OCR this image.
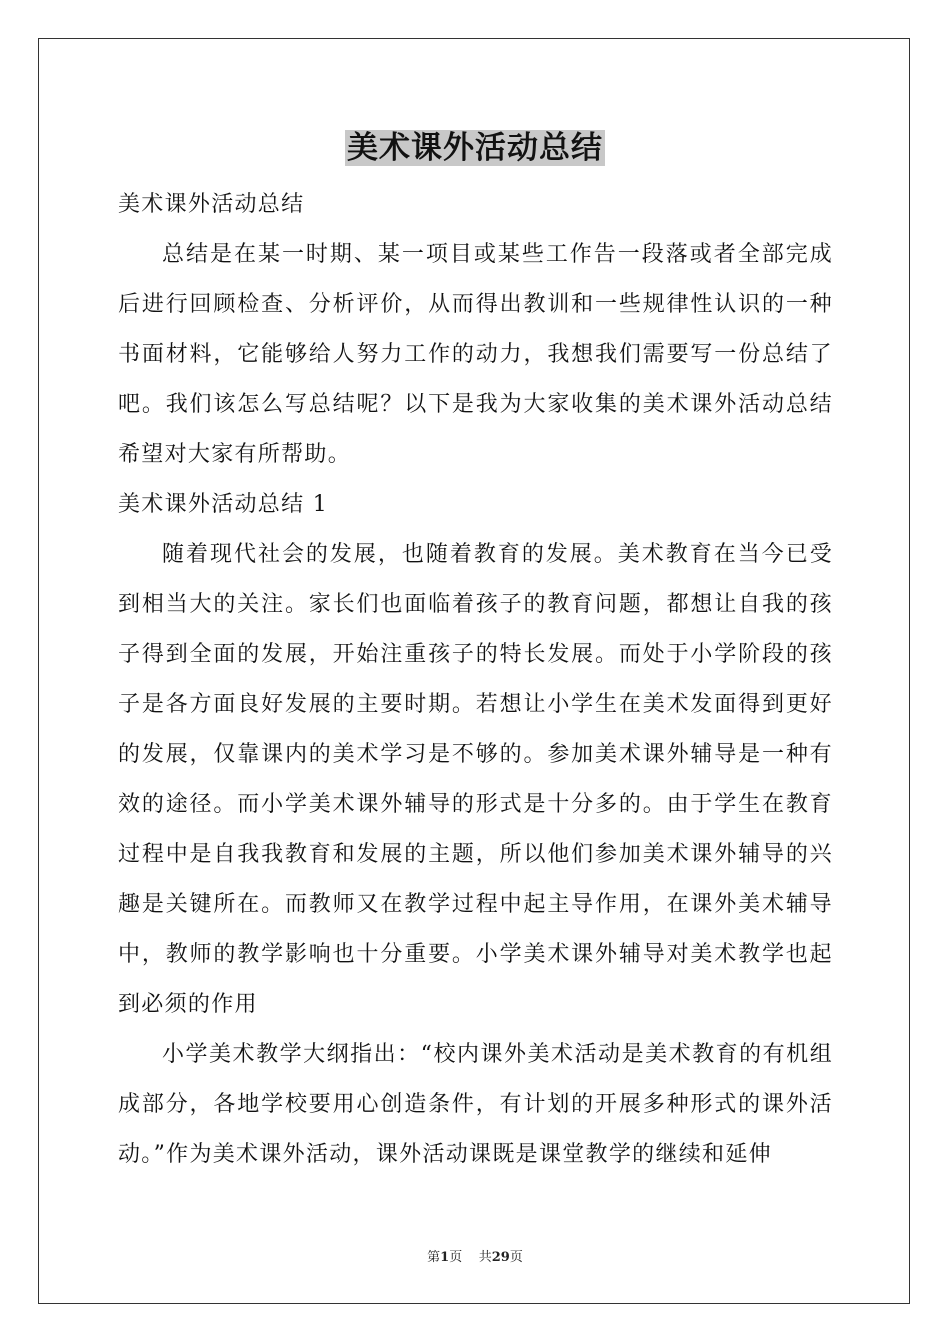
美术课外活动总结

美术课外活动总结

总结是在某一时期、某一项目或某些工作告一段落或者全部完成后进行回顾检查、分析评价，从而得出教训和一些规律性认识的一种书面材料，它能够给人努力工作的动力，我想我们需要写一份总结了吧。我们该怎么写总结呢？以下是我为大家收集的美术课外活动总结希望对大家有所帮助。

美术课外活动总结 1

随着现代社会的发展，也随着教育的发展。美术教育在当今已受到相当大的关注。家长们也面临着孩子的教育问题，都想让自我的孩子得到全面的发展，开始注重孩子的特长发展。而处于小学阶段的孩子是各方面良好发展的主要时期。若想让小学生在美术发面得到更好的发展，仅靠课内的美术学习是不够的。参加美术课外辅导是一种有效的途径。而小学美术课外辅导的形式是十分多的。由于学生在教育过程中是自我我教育和发展的主题，所以他们参加美术课外辅导的兴趣是关键所在。而教师又在教学过程中起主导作用，在课外美术辅导中，教师的教学影响也十分重要。小学美术课外辅导对美术教学也起到必须的作用

小学美术教学大纲指出：“校内课外美术活动是美术教育的有机组成部分，各地学校要用心创造条件，有计划的开展多种形式的课外活动。”作为美术课外活动，课外活动课既是课堂教学的继续和延伸

第1页 共29页
